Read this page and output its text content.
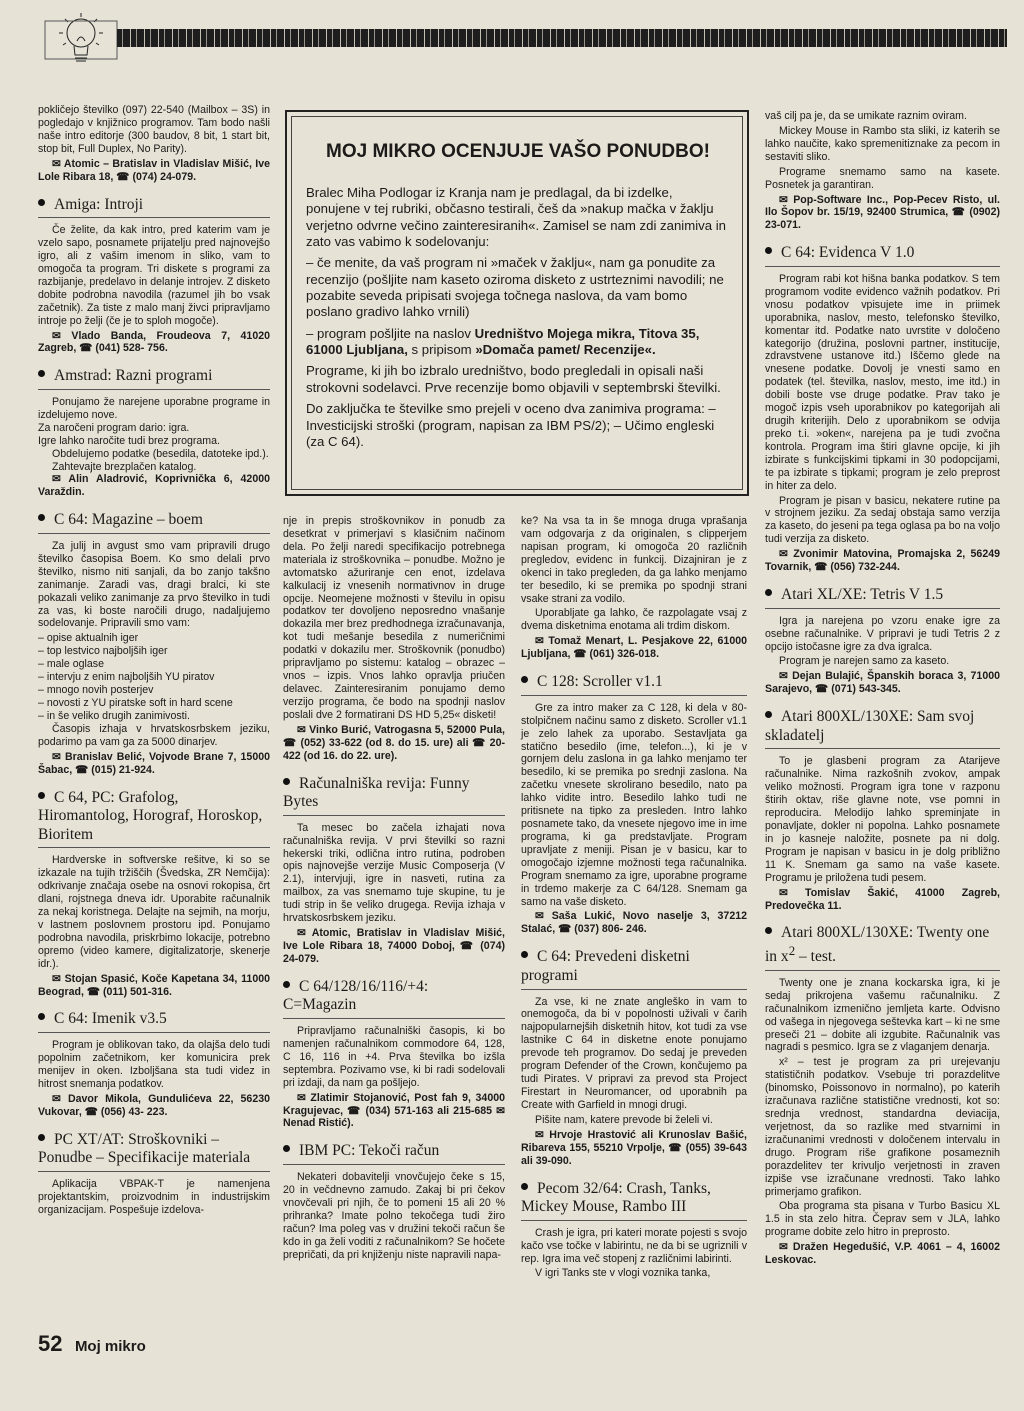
pokličejo številko (097) 22-540 (Mailbox – 3S) in pogledajo v knjižnico programov. Tam bodo našli naše intro editorje (300 baudov, 8 bit, 1 start bit, stop bit, Full Duplex, No Parity).

✉ Atomic – Bratislav in Vladislav Mišić, Ive Lole Ribara 18, ☎ (074) 24-079.

Amiga: Introji

Če želite, da kak intro, pred katerim vam je vzelo sapo, posnamete prijatelju pred najnovejšo igro, ali z vašim imenom in sliko, vam to omogoča ta program. Tri diskete s programi za razbijanje, predelavo in delanje introjev. Z disketo dobite podrobna navodila (razumel jih bo vsak začetnik). Za tiste z malo manj živci pripravljamo introje po želji (če je to sploh mogoče).

✉ Vlado Banda, Froudeova 7, 41020 Zagreb, ☎ (041) 528- 756.

Amstrad: Razni programi

Ponujamo že narejene uporabne programe in izdelujemo nove.

Za naročeni program dario: igra.

Igre lahko naročite tudi brez programa.

Obdelujemo podatke (besedila, datoteke ipd.).

Zahtevajte brezplačen katalog.

✉ Alin Aladrović, Koprivnička 6, 42000 Varaždin.

C 64: Magazine – boem

Za julij in avgust smo vam pripravili drugo številko časopisa Boem. Ko smo delali prvo številko, nismo niti sanjali, da bo zanjo takšno zanimanje. Zaradi vas, dragi bralci, ki ste pokazali veliko zanimanje za prvo številko in tudi za vas, ki boste naročili drugo, nadaljujemo sodelovanje. Pripravili smo vam:

– opise aktualnih iger
– top lestvico najboljših iger
– male oglase
– intervju z enim najboljših YU piratov
– mnogo novih posterjev
– novosti z YU piratske soft in hard scene
– in še veliko drugih zanimivosti.

Časopis izhaja v hrvatskosrbskem jeziku, podarimo pa vam ga za 5000 dinarjev.

✉ Branislav Belić, Vojvode Brane 7, 15000 Šabac, ☎ (015) 21-924.

C 64, PC: Grafolog, Hiromantolog, Horograf, Horoskop, Bioritem

Hardverske in softverske rešitve, ki so se izkazale na tujih tržiščih (Švedska, ZR Nemčija): odkrivanje značaja osebe na osnovi rokopisa, črt dlani, rojstnega dneva idr. Uporabite računalnik za nekaj koristnega. Delajte na sejmih, na morju, v lastnem poslovnem prostoru ipd. Ponujamo podrobna navodila, priskrbimo lokacije, potrebno opremo (video kamere, digitalizatorje, skenerje idr.).

✉ Stojan Spasić, Koče Kapetana 34, 11000 Beograd, ☎ (011) 501-316.

C 64: Imenik v3.5

Program je oblikovan tako, da olajša delo tudi popolnim začetnikom, ker komunicira prek menijev in oken. Izboljšana sta tudi videz in hitrost snemanja podatkov.

✉ Davor Mikola, Gundulićeva 22, 56230 Vukovar, ☎ (056) 43- 223.

PC XT/AT: Stroškovniki – Ponudbe – Specifikacije materiala

Aplikacija VBPAK-T je namenjena projektantskim, proizvodnim in industrijskim organizacijam. Pospešuje izdelova-

MOJ MIKRO OCENJUJE VAŠO PONUDBO!

Bralec Miha Podlogar iz Kranja nam je predlagal, da bi izdelke, ponujene v tej rubriki, občasno testirali, češ da »nakup mačka v žaklju verjetno odvrne večino zainteresiranih«. Zamisel se nam zdi zanimiva in zato vas vabimo k sodelovanju:

– če menite, da vaš program ni »maček v žaklju«, nam ga ponudite za recenzijo (pošljite nam kaseto oziroma disketo z ustrteznimi navodili; ne pozabite seveda pripisati svojega točnega naslova, da vam bomo poslano gradivo lahko vrnili)

– program pošljite na naslov Uredništvo Mojega mikra, Titova 35, 61000 Ljubljana, s pripisom »Domača pamet/ Recenzije«.

Programe, ki jih bo izbralo uredništvo, bodo pregledali in opisali naši strokovni sodelavci. Prve recenzije bomo objavili v septembrski številki.

Do zaključka te številke smo prejeli v oceno dva zanimiva programa: –Investicijski stroški (program, napisan za IBM PS/2); – Učimo engleski (za C 64).

nje in prepis stroškovnikov in ponudb za desetkrat v primerjavi s klasičnim načinom dela. Po želji naredi specifikacijo potrebnega materiala iz stroškovnika – ponudbe. Možno je avtomatsko ažuriranje cen enot, izdelava kalkulacij iz vnesenih normativnov in druge opcije. Neomejene možnosti v številu in opisu podatkov ter dovoljeno neposredno vnašanje dokazila mer brez predhodnega izračunavanja, kot tudi mešanje besedila z numeričnimi podatki v dokazilu mer. Stroškovnik (ponudbo) pripravljamo po sistemu: katalog – obrazec – vnos – izpis. Vnos lahko opravlja priučen delavec. Zainteresiranim ponujamo demo verzijo programa, če bodo na spodnji naslov poslali dve 2 formatirani DS HD 5,25« disketi!

✉ Vinko Burić, Vatrogasna 5, 52000 Pula, ☎ (052) 33-622 (od 8. do 15. ure) ali ☎ 20-422 (od 16. do 22. ure).

Računalniška revija: Funny Bytes

Ta mesec bo začela izhajati nova računalniška revija. V prvi številki so razni hekerski triki, odlična intro rutina, podroben opis najnovejše verzije Music Composerja (V 2.1), intervjuji, igre in nasveti, rutina za mailbox, za vas snemamo tuje skupine, tu je tudi strip in še veliko drugega. Revija izhaja v hrvatskosrbskem jeziku.

✉ Atomic, Bratislav in Vladislav Mišić, Ive Lole Ribara 18, 74000 Doboj, ☎ (074) 24-079.

C 64/128/16/116/+4: C=Magazin

Pripravljamo računalniški časopis, ki bo namenjen računalnikom commodore 64, 128, C 16, 116 in +4. Prva številka bo izšla septembra. Pozivamo vse, ki bi radi sodelovali pri izdaji, da nam ga pošljejo.

✉ Zlatimir Stojanović, Post fah 9, 34000 Kragujevac, ☎ (034) 571-163 ali 215-685 ✉ Nenad Ristić).

IBM PC: Tekoči račun

Nekateri dobavitelji vnovčujejo čeke s 15, 20 in večdnevno zamudo. Zakaj bi pri čekov vnovčevali pri njih, če to pomeni 15 ali 20 % prihranka? Imate polno tekočega tudi žiro račun? Ima poleg vas v družini tekoči račun še kdo in ga želi voditi z računalnikom? Se hočete prepričati, da pri knjiženju niste napravili napa-

ke? Na vsa ta in še mnoga druga vprašanja vam odgovarja z da originalen, s clipperjem napisan program, ki omogoča 20 različnih pregledov, evidenc in funkcij. Dizajniran je z okenci in tako pregleden, da ga lahko menjamo ter besedilo, ki se premika po spodnji strani vsake strani za vodilo.

Uporabljate ga lahko, če razpolagate vsaj z dvema disketnima enotama ali trdim diskom.

✉ Tomaž Menart, L. Pesjakove 22, 61000 Ljubljana, ☎ (061) 326-018.

C 128: Scroller v1.1

Gre za intro maker za C 128, ki dela v 80-stolpičnem načinu samo z disketo. Scroller v1.1 je zelo lahek za uporabo. Sestavljata ga statično besedilo (ime, telefon...), ki je v gornjem delu zaslona in ga lahko menjamo ter besedilo, ki se premika po srednji zaslona. Na začetku vnesete skrolirano besedilo, nato pa lahko vidite intro. Besedilo lahko tudi ne pritisnete na tipko za presleden. Intro lahko posnamete tako, da vnesete njegovo ime in ime programa, ki ga predstavljate. Program upravljate z meniji. Pisan je v basicu, kar to omogočajo izjemne možnosti tega računalnika. Program snemamo za igre, uporabne programe in trdemo makerje za C 64/128. Snemam ga samo na vaše disketo.

✉ Saša Lukić, Novo naselje 3, 37212 Stalać, ☎ (037) 806- 246.

C 64: Prevedeni disketni programi

Za vse, ki ne znate angleško in vam to onemogoča, da bi v popolnosti uživali v čarih najpopularnejših disketnih hitov, kot tudi za vse lastnike C 64 in disketne enote ponujamo prevode teh programov. Do sedaj je preveden program Defender of the Crown, končujemo pa tudi Pirates. V pripravi za prevod sta Project Firestart in Neuromancer, od uporabnih pa Create with Garfield in mnogi drugi.

Pišite nam, katere prevode bi želeli vi.

✉ Hrvoje Hrastović ali Krunoslav Bašić, Ribareva 155, 55210 Vrpolje, ☎ (055) 39-643 ali 39-090.

Pecom 32/64: Crash, Tanks, Mickey Mouse, Rambo III

Crash je igra, pri kateri morate pojesti s svojo kačo vse točke v labirintu, ne da bi se ugriznili v rep. Igra ima več stopenj z različnimi labirinti.

V igri Tanks ste v vlogi voznika tanka,

vaš cilj pa je, da se umikate raznim oviram.

Mickey Mouse in Rambo sta sliki, iz katerih se lahko naučite, kako spremenitiznake za pecom in sestaviti sliko.

Programe snemamo samo na kasete. Posnetek ja garantiran.

✉ Pop-Software Inc., Pop-Pecev Risto, ul. Ilo Šopov br. 15/19, 92400 Strumica, ☎ (0902) 23-071.

C 64: Evidenca V 1.0

Program rabi kot hišna banka podatkov. S tem programom vodite evidenco važnih podatkov. Pri vnosu podatkov vpisujete ime in priimek uporabnika, naslov, mesto, telefonsko številko, komentar itd. Podatke nato uvrstite v določeno kategorijo (družina, poslovni partner, institucije, zdravstvene ustanove itd.) Iščemo glede na vnesene podatke. Dovolj je vnesti samo en podatek (tel. številka, naslov, mesto, ime itd.) in dobili boste vse druge podatke. Prav tako je mogoč izpis vseh uporabnikov po kategorijah ali drugih kriterijih. Delo z uporabnikom se odvija preko t.i. »oken«, narejena pa je tudi zvočna kontrola. Program ima štiri glavne opcije, ki jih izbirate s funkcijskimi tipkami in 30 podopcijami, te pa izbirate s tipkami; program je zelo preprost in hiter za delo.

Program je pisan v basicu, nekatere rutine pa v strojnem jeziku. Za sedaj obstaja samo verzija za kaseto, do jeseni pa tega oglasa pa bo na voljo tudi verzija za disketo.

✉ Zvonimir Matovina, Promajska 2, 56249 Tovarnik, ☎ (056) 732-244.

Atari XL/XE: Tetris V 1.5

Igra ja narejena po vzoru enake igre za osebne računalnike. V pripravi je tudi Tetris 2 z opcijo istočasne igre za dva igralca.

Program je narejen samo za kaseto.

✉ Dejan Bulajić, Španskih boraca 3, 71000 Sarajevo, ☎ (071) 543-345.

Atari 800XL/130XE: Sam svoj skladatelj

To je glasbeni program za Atarijeve računalnike. Nima razkošnih zvokov, ampak veliko možnosti. Program igra tone v razponu štirih oktav, riše glavne note, vse pomni in reproducira. Melodijo lahko spreminjate in ponavljate, dokler ni popolna. Lahko posnamete in jo kasneje naložite, posnete pa ni dolg. Program je napisan v basicu in je dolg približno 11 K. Snemam ga samo na vaše kasete. Programu je priložena tudi pesem.

✉ Tomislav Šakić, 41000 Zagreb, Predovečka 11.

Atari 800XL/130XE: Twenty one in $x^2$ – test.

Twenty one je znana kockarska igra, ki je sedaj prikrojena vašemu računalniku. Z računalnikom izmenično jemljeta karte. Odvisno od vašega in njegovega seštevka kart – ki ne sme preseči 21 – dobite ali izgubite. Računalnik vas nagradi s pesmico. Igra se z vlaganjem denarja.

x² – test je program za pri urejevanju statističnih podatkov. Vsebuje tri porazdelitve (binomsko, Poissonovo in normalno), po katerih izračunava različne statistične vrednosti, kot so: srednja vrednost, standardna deviacija, verjetnost, da so razlike med stvarnimi in izračunanimi vrednosti v določenem intervalu in drugo. Program riše grafikone posameznih porazdelitev ter krivuljo verjetnosti in zraven izpiše vse izračunane vrednosti. Tako lahko primerjamo grafikon.

Oba programa sta pisana v Turbo Basicu XL 1.5 in sta zelo hitra. Čeprav sem v JLA, lahko programe dobite zelo hitro in preprosto.

✉ Dražen Hegedušić, V.P. 4061 – 4, 16002 Leskovac.

52 Moj mikro
